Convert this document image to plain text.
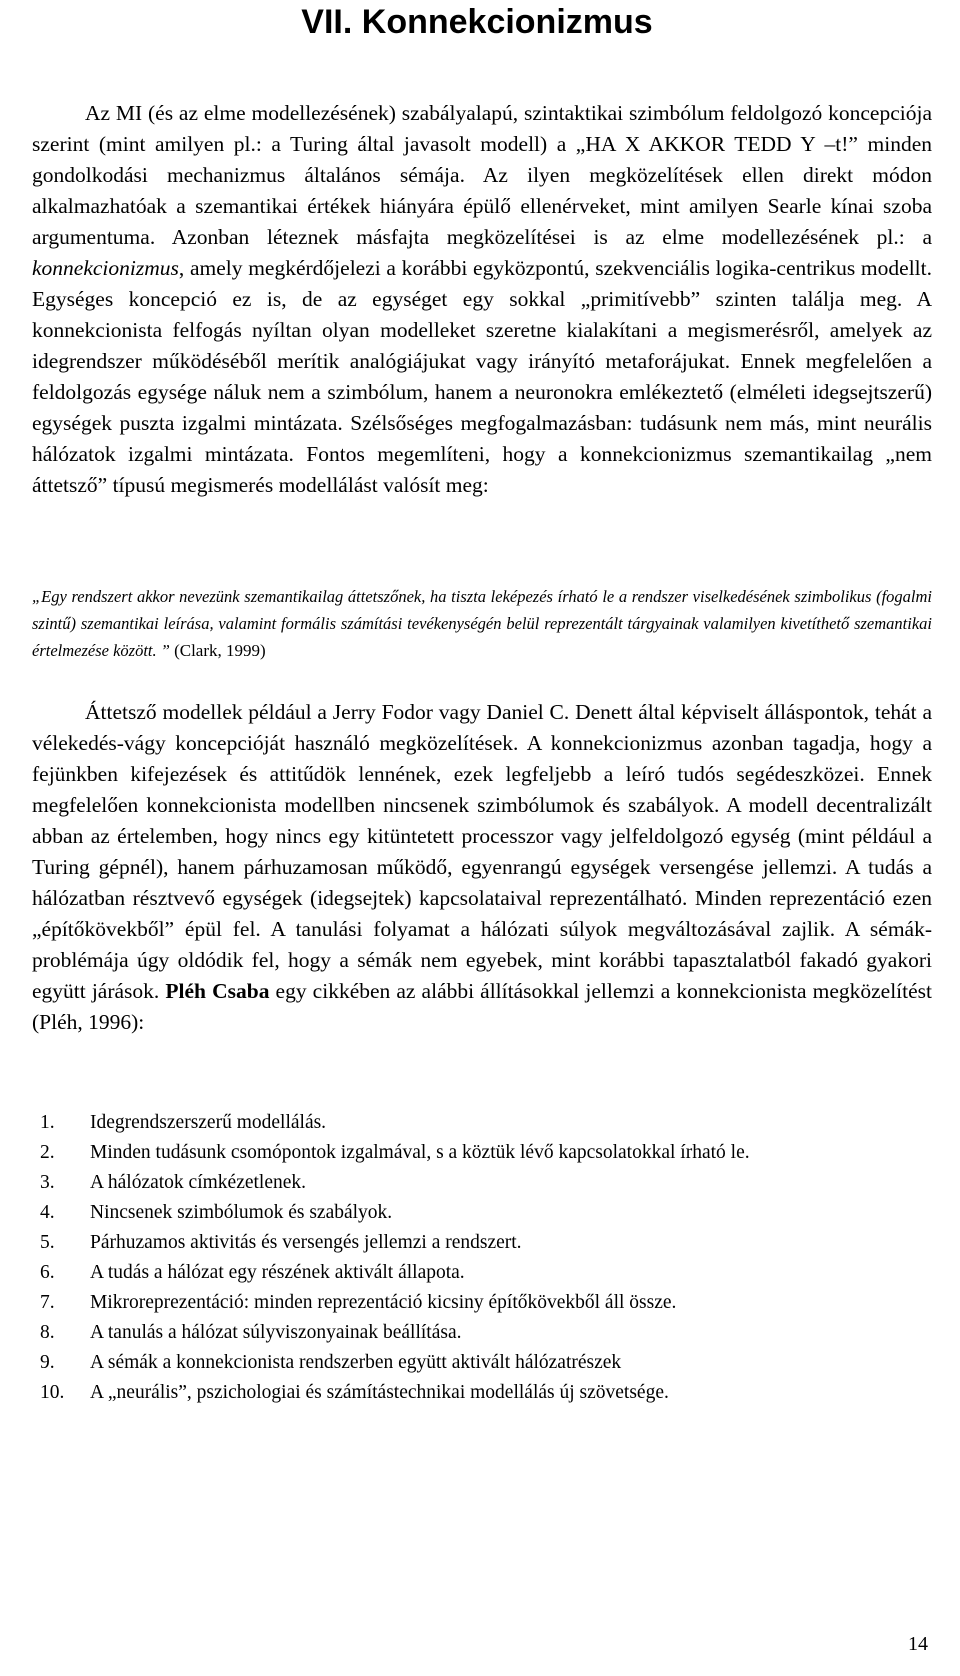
VII. Konnekcionizmus

Az MI (és az elme modellezésének) szabályalapú, szintaktikai szimbólum feldolgozó koncepciója szerint (mint amilyen pl.: a Turing által javasolt modell) a „HA X AKKOR TEDD Y –t!” minden gondolkodási mechanizmus általános sémája. Az ilyen megközelítések ellen direkt módon alkalmazhatóak a szemantikai értékek hiányára épülő ellenérveket, mint amilyen Searle kínai szoba argumentuma. Azonban léteznek másfajta megközelítései is az elme modellezésének pl.: a konnekcionizmus, amely megkérdőjelezi a korábbi egyközpontú, szekvenciális logika-centrikus modellt. Egységes koncepció ez is, de az egységet egy sokkal „primitívebb” szinten találja meg. A konnekcionista felfogás nyíltan olyan modelleket szeretne kialakítani a megismerésről, amelyek az idegrendszer működéséből merítik analógiájukat vagy irányító metaforájukat. Ennek megfelelően a feldolgozás egysége náluk nem a szimbólum, hanem a neuronokra emlékeztető (elméleti idegsejtszerű) egységek puszta izgalmi mintázata. Szélsőséges megfogalmazásban: tudásunk nem más, mint neurális hálózatok izgalmi mintázata. Fontos megemlíteni, hogy a konnekcionizmus szemantikailag „nem áttetsző” típusú megismerés modellálást valósít meg:

„Egy rendszert akkor nevezünk szemantikailag áttetszőnek, ha tiszta leképezés írható le a rendszer viselkedésének szimbolikus (fogalmi szintű) szemantikai leírása, valamint formális számítási tevékenységén belül reprezentált tárgyainak valamilyen kivetíthető szemantikai értelmezése között. ” (Clark, 1999)

Áttetsző modellek például a Jerry Fodor vagy Daniel C. Denett által képviselt álláspontok, tehát a vélekedés-vágy koncepcióját használó megközelítések. A konnekcionizmus azonban tagadja, hogy a fejünkben kifejezések és attitűdök lennének, ezek legfeljebb a leíró tudós segédeszközei. Ennek megfelelően konnekcionista modellben nincsenek szimbólumok és szabályok. A modell decentralizált abban az értelemben, hogy nincs egy kitüntetett processzor vagy jelfeldolgozó egység (mint például a Turing gépnél), hanem párhuzamosan működő, egyenrangú egységek versengése jellemzi. A tudás a hálózatban résztvevő egységek (idegsejtek) kapcsolataival reprezentálható. Minden reprezentáció ezen „építőkövekből” épül fel. A tanulási folyamat a hálózati súlyok megváltozásával zajlik. A sémák-problémája úgy oldódik fel, hogy a sémák nem egyebek, mint korábbi tapasztalatból fakadó gyakori együtt járások. Pléh Csaba egy cikkében az alábbi állításokkal jellemzi a konnekcionista megközelítést (Pléh, 1996):

1.	Idegrendszerszerű modellálás.
2.	Minden tudásunk csomópontok izgalmával, s a köztük lévő kapcsolatokkal írható le.
3.	A hálózatok címkézetlenek.
4.	Nincsenek szimbólumok és szabályok.
5.	Párhuzamos aktivitás és versengés jellemzi a rendszert.
6.	A tudás a hálózat egy részének aktivált állapota.
7.	Mikroreprezentáció: minden reprezentáció kicsiny építőkövekből áll össze.
8.	A tanulás a hálózat súlyviszonyainak beállítása.
9.	A sémák a konnekcionista rendszerben együtt aktivált hálózatrészek
10.	A „neurális”, pszichologiai és számítástechnikai modellálás új szövetsége.
14
